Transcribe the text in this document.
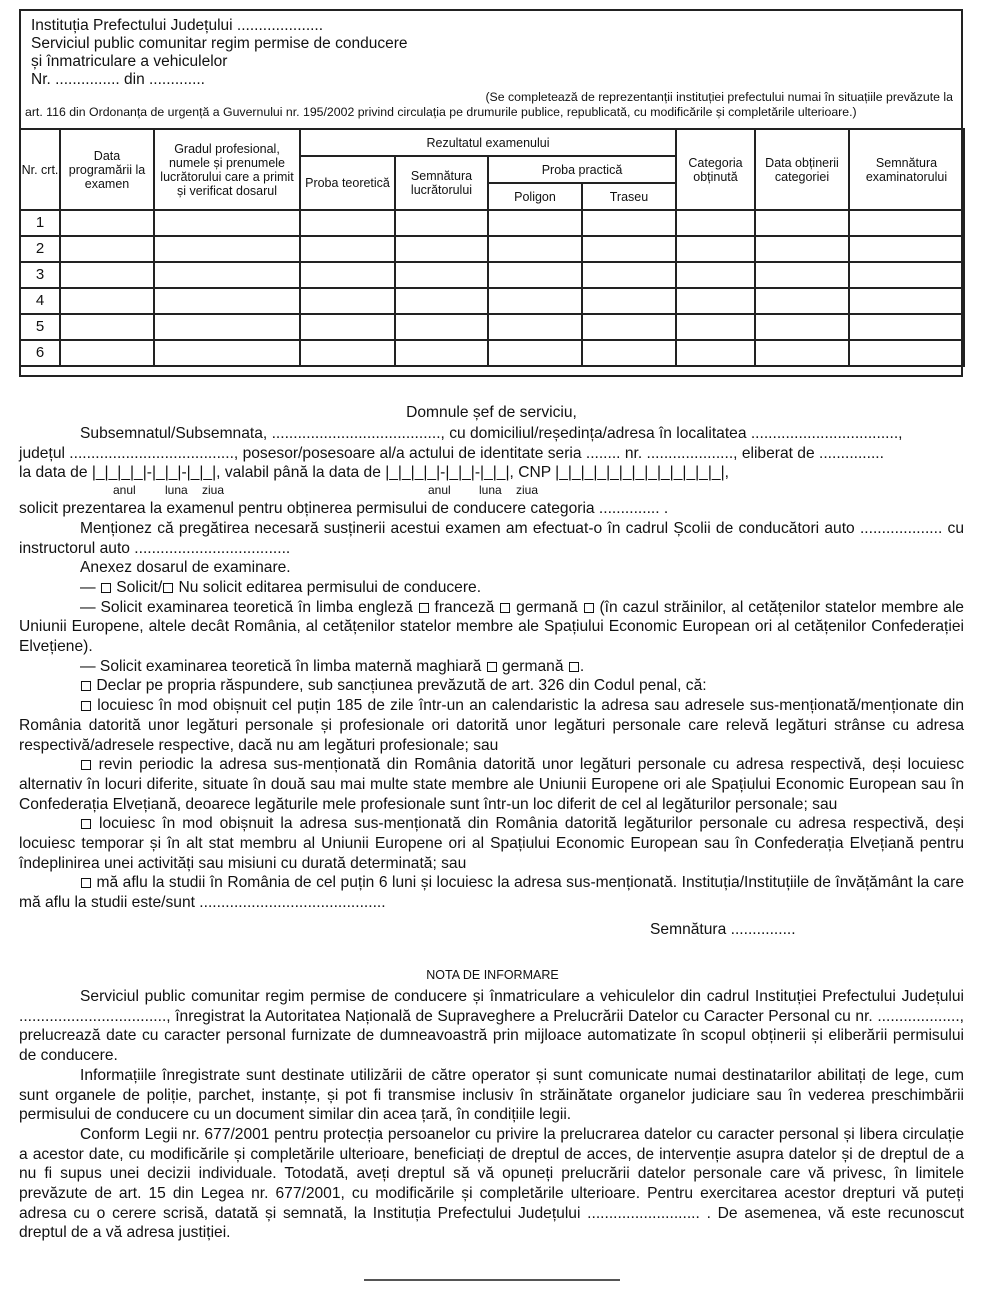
Instituția Prefectului Județului ....................
Serviciul public comunitar regim permise de conducere
și înmatriculare a vehiculelor
Nr. ............... din .............
(Se completează de reprezentanții instituției prefectului numai în situațiile prevăzute la
art. 116 din Ordonanța de urgență a Guvernului nr. 195/2002 privind circulația pe drumurile publice, republicată, cu modificările și completările ulterioare.)
Nr. crt.	Data programării la examen	Gradul profesional, numele și prenumele lucrătorului care a primit și verificat dosarul	Rezultatul examenului				Categoria obținută	Data obținerii categoriei	Semnătura examinatorului
			Proba teoretică	Semnătura lucrătorului	Proba practică				
					Poligon	Traseu			
1									
2									
3									
4									
5									
6									
Domnule șef de serviciu,
Subsemnatul/Subsemnata, ......................................., cu domiciliul/reședința/adresa în localitatea ..................................,
județul ......................................, posesor/posesoare al/a actului de identitate seria ........ nr. ...................., eliberat de ...............
la data de |_|_|_|_|-|_|_|-|_|_|, valabil până la data de |_|_|_|_|-|_|_|-|_|_|, CNP |_|_|_|_|_|_|_|_|_|_|_|_|_|,
anul luna ziua	anul luna ziua
solicit prezentarea la examenul pentru obținerea permisului de conducere categoria .............. .
Menționez că pregătirea necesară susținerii acestui examen am efectuat-o în cadrul Școlii de conducători auto ................... cu instructorul auto ....................................
Anexez dosarul de examinare.
—  Solicit/ Nu solicit editarea permisului de conducere.
— Solicit examinarea teoretică în limba engleză  franceză  germană  (în cazul străinilor, al cetățenilor statelor membre ale Uniunii Europene, altele decât România, al cetățenilor statelor membre ale Spațiului Economic European ori al cetățenilor Confederației Elvețiene).
— Solicit examinarea teoretică în limba maternă maghiară  germană .
Declar pe propria răspundere, sub sancțiunea prevăzută de art. 326 din Codul penal, că:
locuiesc în mod obișnuit cel puțin 185 de zile într-un an calendaristic la adresa sau adresele sus-menționată/menționate din România datorită unor legături personale și profesionale ori datorită unor legături personale care relevă legături strânse cu adresa respectivă/adresele respective, dacă nu am legături profesionale; sau
revin periodic la adresa sus-menționată din România datorită unor legături personale cu adresa respectivă, deși locuiesc alternativ în locuri diferite, situate în două sau mai multe state membre ale Uniunii Europene ori ale Spațiului Economic European sau în Confederația Elvețiană, deoarece legăturile mele profesionale sunt într-un loc diferit de cel al legăturilor personale; sau
locuiesc în mod obișnuit la adresa sus-menționată din România datorită legăturilor personale cu adresa respectivă, deși locuiesc temporar și în alt stat membru al Uniunii Europene ori al Spațiului Economic European sau în Confederația Elvețiană pentru îndeplinirea unei activități sau misiuni cu durată determinată; sau
mă aflu la studii în România de cel puțin 6 luni și locuiesc la adresa sus-menționată. Instituția/Instituțiile de învățământ la care mă aflu la studii este/sunt ...........................................
Semnătura ...............
NOTA DE INFORMARE
Serviciul public comunitar regim permise de conducere și înmatriculare a vehiculelor din cadrul Instituției Prefectului Județului .................................., înregistrat la Autoritatea Națională de Supraveghere a Prelucrării Datelor cu Caracter Personal cu nr. ..................., prelucrează date cu caracter personal furnizate de dumneavoastră prin mijloace automatizate în scopul obținerii și eliberării permisului de conducere.
Informațiile înregistrate sunt destinate utilizării de către operator și sunt comunicate numai destinatarilor abilitați de lege, cum sunt organele de poliție, parchet, instanțe, și pot fi transmise inclusiv în străinătate organelor judiciare sau în vederea preschimbării permisului de conducere cu un document similar din acea țară, în condițiile legii.
Conform Legii nr. 677/2001 pentru protecția persoanelor cu privire la prelucrarea datelor cu caracter personal și libera circulație a acestor date, cu modificările și completările ulterioare, beneficiați de dreptul de acces, de intervenție asupra datelor și de dreptul de a nu fi supus unei decizii individuale. Totodată, aveți dreptul să vă opuneți prelucrării datelor personale care vă privesc, în limitele prevăzute de art. 15 din Legea nr. 677/2001, cu modificările și completările ulterioare. Pentru exercitarea acestor drepturi vă puteți adresa cu o cerere scrisă, datată și semnată, la Instituția Prefectului Județului .......................... . De asemenea, vă este recunoscut dreptul de a vă adresa justiției.
